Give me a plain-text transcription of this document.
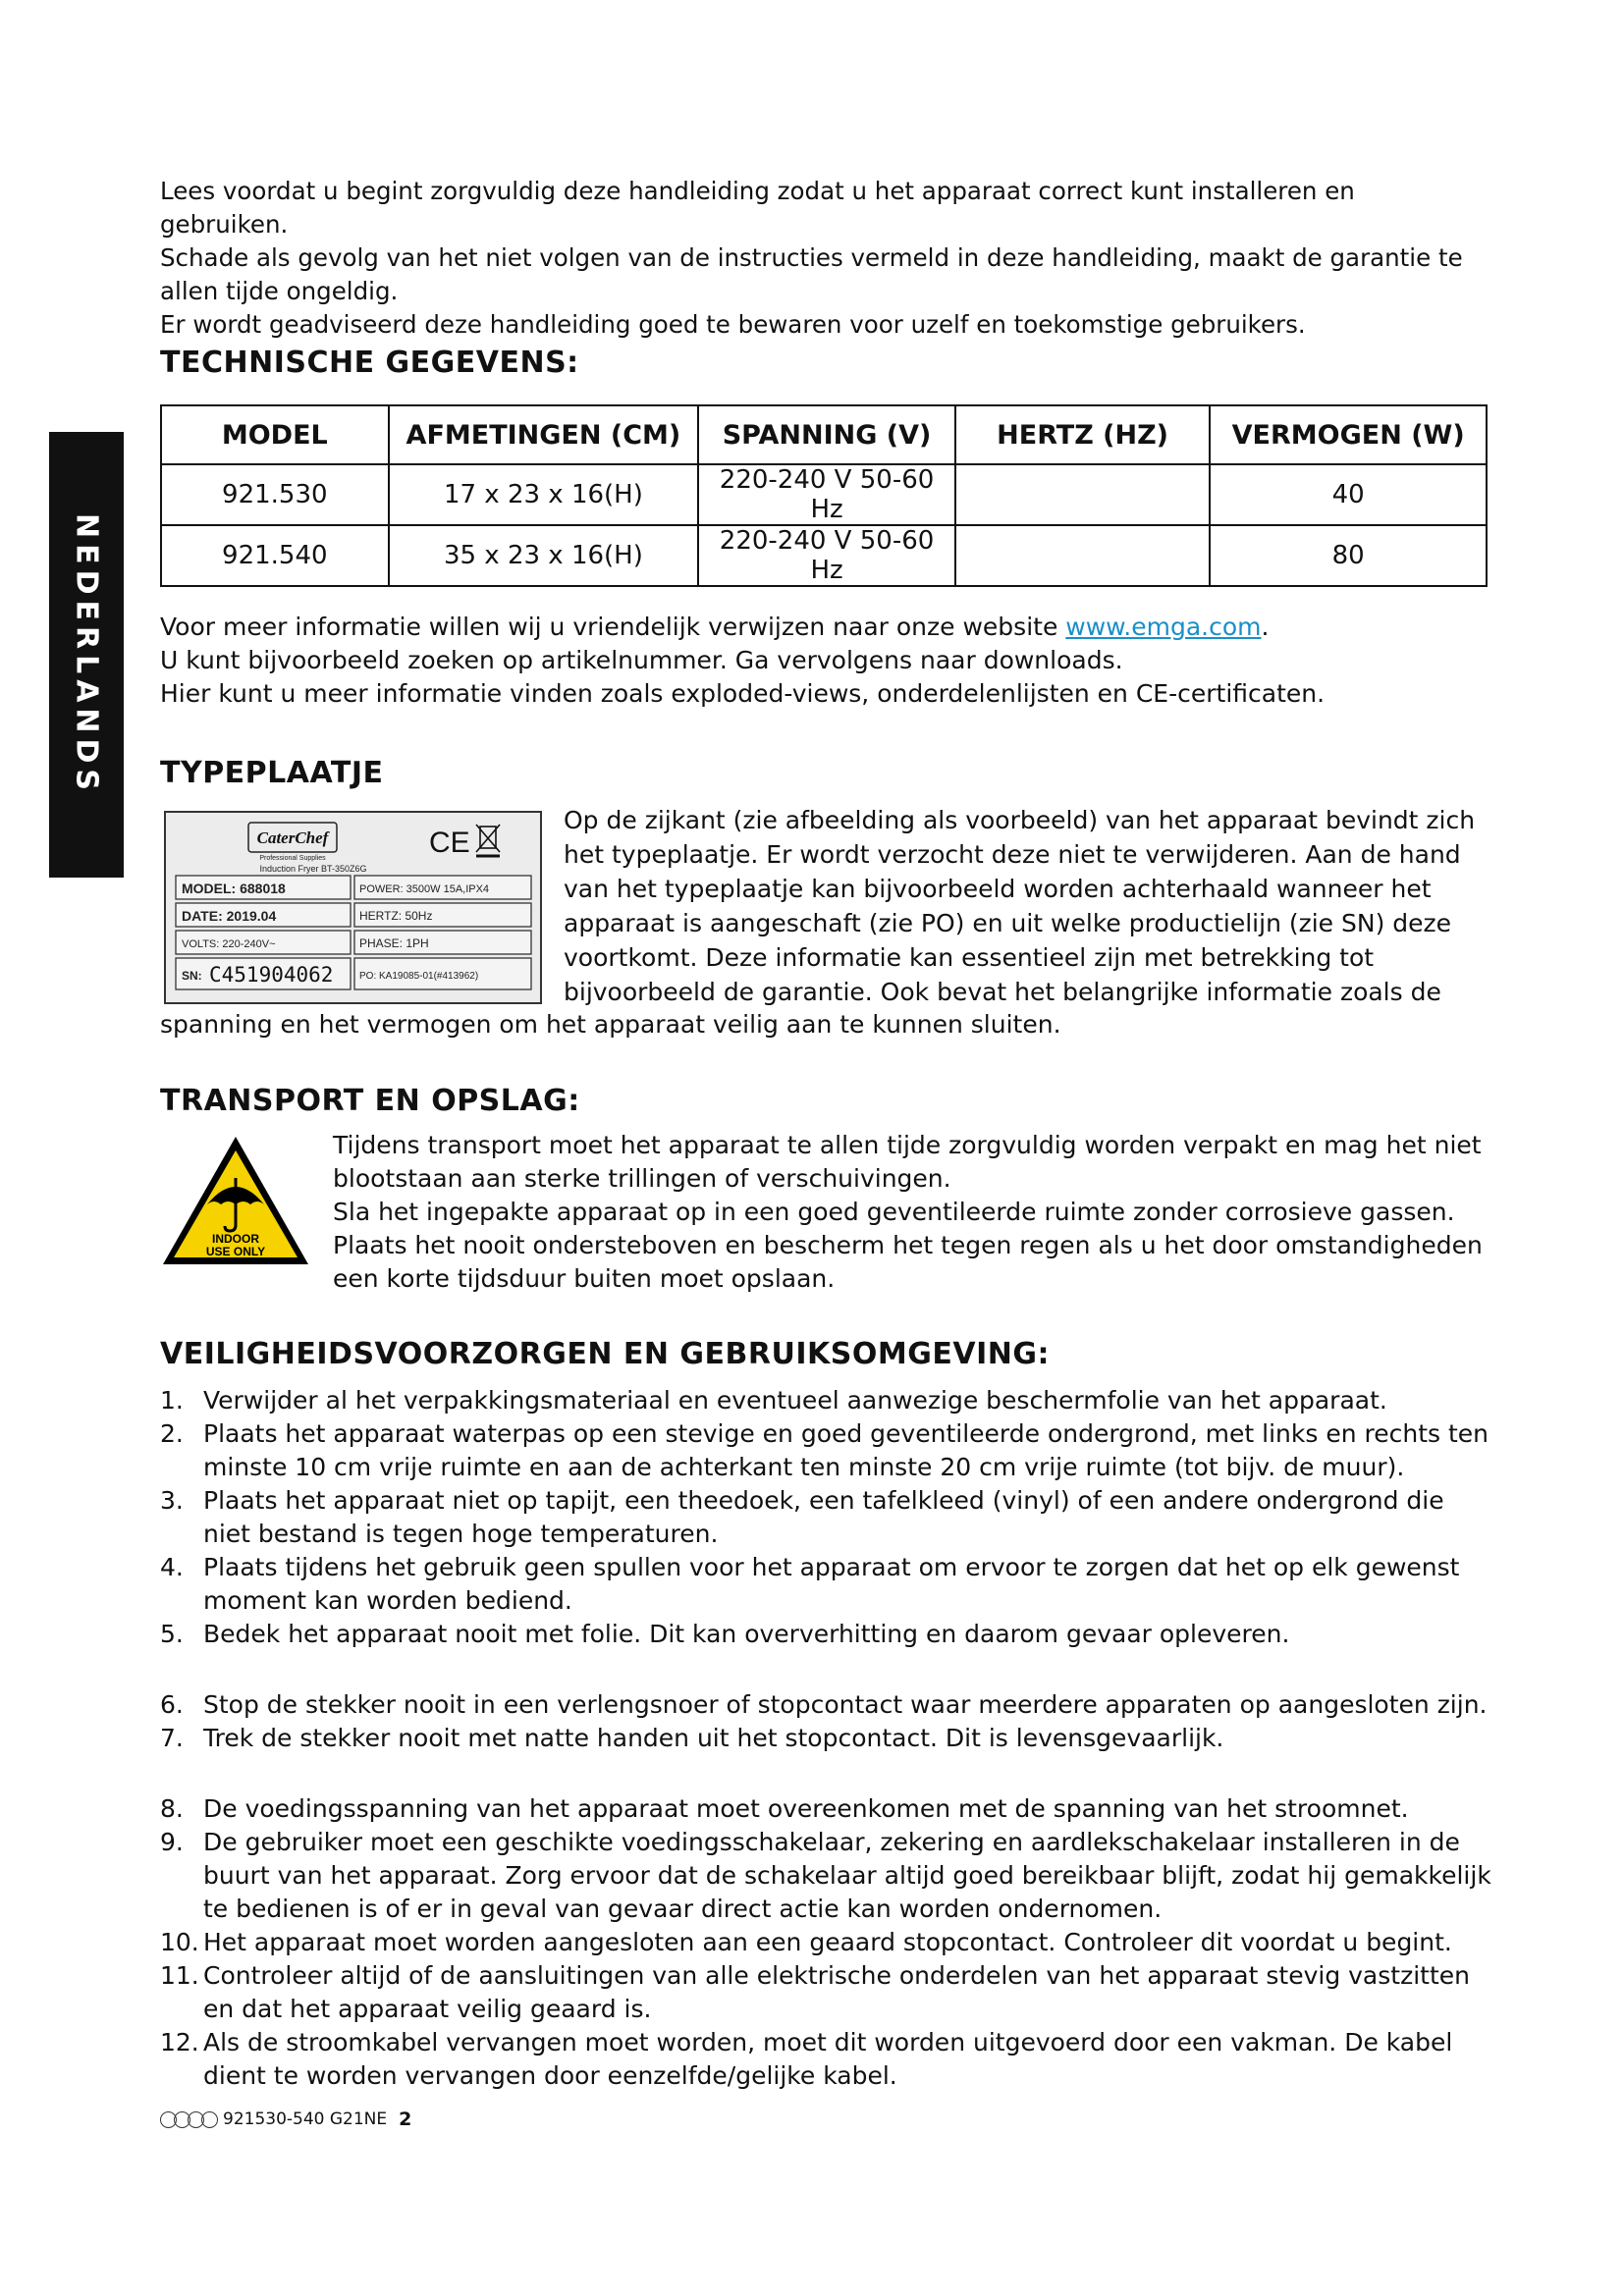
NEDERLANDS

Lees voordat u begint zorgvuldig deze handleiding zodat u het apparaat correct kunt installeren en gebruiken.

Schade als gevolg van het niet volgen van de instructies vermeld in deze handleiding, maakt de garantie te allen tijde ongeldig.

Er wordt geadviseerd deze handleiding goed te bewaren voor uzelf en toekomstige gebruikers.

TECHNISCHE GEGEVENS:
MODEL	AFMETINGEN (CM)	SPANNING (V)	HERTZ (HZ)	VERMOGEN (W)
921.530	17 x 23 x 16(H)	220-240 V 50-60 Hz		40
921.540	35 x 23 x 16(H)	220-240 V 50-60 Hz		80

Voor meer informatie willen wij u vriendelijk verwijzen naar onze website www.emga.com.

U kunt bijvoorbeeld zoeken op artikelnummer. Ga vervolgens naar downloads.

Hier kunt u meer informatie vinden zoals exploded-views, onderdelenlijsten en CE-certificaten.

TYPEPLAATJE
CaterChef
Professional Supplies
Induction Fryer BT-350Z6G
CE
MODEL: 688018	POWER: 3500W 15A,IPX4
DATE: 2019.04	HERTZ: 50Hz
VOLTS: 220-240V~	PHASE: 1PH
SN: C451904062	PO: KA19085-01(#413962)
Op de zijkant (zie afbeelding als voorbeeld) van het apparaat bevindt zich het typeplaatje. Er wordt verzocht deze niet te verwijderen. Aan de hand van het typeplaatje kan bijvoorbeeld worden achterhaald wanneer het apparaat is aangeschaft (zie PO) en uit welke productielijn (zie SN) deze voortkomt. Deze informatie kan essentieel zijn met betrekking tot bijvoorbeeld de garantie. Ook bevat het belangrijke informatie zoals de
spanning en het vermogen om het apparaat veilig aan te kunnen sluiten.
TRANSPORT EN OPSLAG:
INDOOR
USE ONLY

Tijdens transport moet het apparaat te allen tijde zorgvuldig worden verpakt en mag het niet blootstaan aan sterke trillingen of verschuivingen.

Sla het ingepakte apparaat op in een goed geventileerde ruimte zonder corrosieve gassen. Plaats het nooit ondersteboven en bescherm het tegen regen als u het door omstandigheden een korte tijdsduur buiten moet opslaan.

VEILIGHEIDSVOORZORGEN EN GEBRUIKSOMGEVING:
1. Verwijder al het verpakkingsmateriaal en eventueel aanwezige beschermfolie van het apparaat.
2. Plaats het apparaat waterpas op een stevige en goed geventileerde ondergrond, met links en rechts ten minste 10 cm vrije ruimte en aan de achterkant ten minste 20 cm vrije ruimte (tot bijv. de muur).
3. Plaats het apparaat niet op tapijt, een theedoek, een tafelkleed (vinyl) of een andere ondergrond die niet bestand is tegen hoge temperaturen.
4. Plaats tijdens het gebruik geen spullen voor het apparaat om ervoor te zorgen dat het op elk gewenst moment kan worden bediend.
5. Bedek het apparaat nooit met folie. Dit kan oververhitting en daarom gevaar opleveren.
6. Stop de stekker nooit in een verlengsnoer of stopcontact waar meerdere apparaten op aangesloten zijn.
7. Trek de stekker nooit met natte handen uit het stopcontact. Dit is levensgevaarlijk.
8. De voedingsspanning van het apparaat moet overeenkomen met de spanning van het stroomnet.
9. De gebruiker moet een geschikte voedingsschakelaar, zekering en aardlekschakelaar installeren in de buurt van het apparaat. Zorg ervoor dat de schakelaar altijd goed bereikbaar blijft, zodat hij gemakkelijk te bedienen is of er in geval van gevaar direct actie kan worden ondernomen.
10. Het apparaat moet worden aangesloten aan een geaard stopcontact. Controleer dit voordat u begint.
11. Controleer altijd of de aansluitingen van alle elektrische onderdelen van het apparaat stevig vastzitten en dat het apparaat veilig geaard is.
12. Als de stroomkabel vervangen moet worden, moet dit worden uitgevoerd door een vakman. De kabel dient te worden vervangen door eenzelfde/gelijke kabel.
921530-540 G21NE 2
